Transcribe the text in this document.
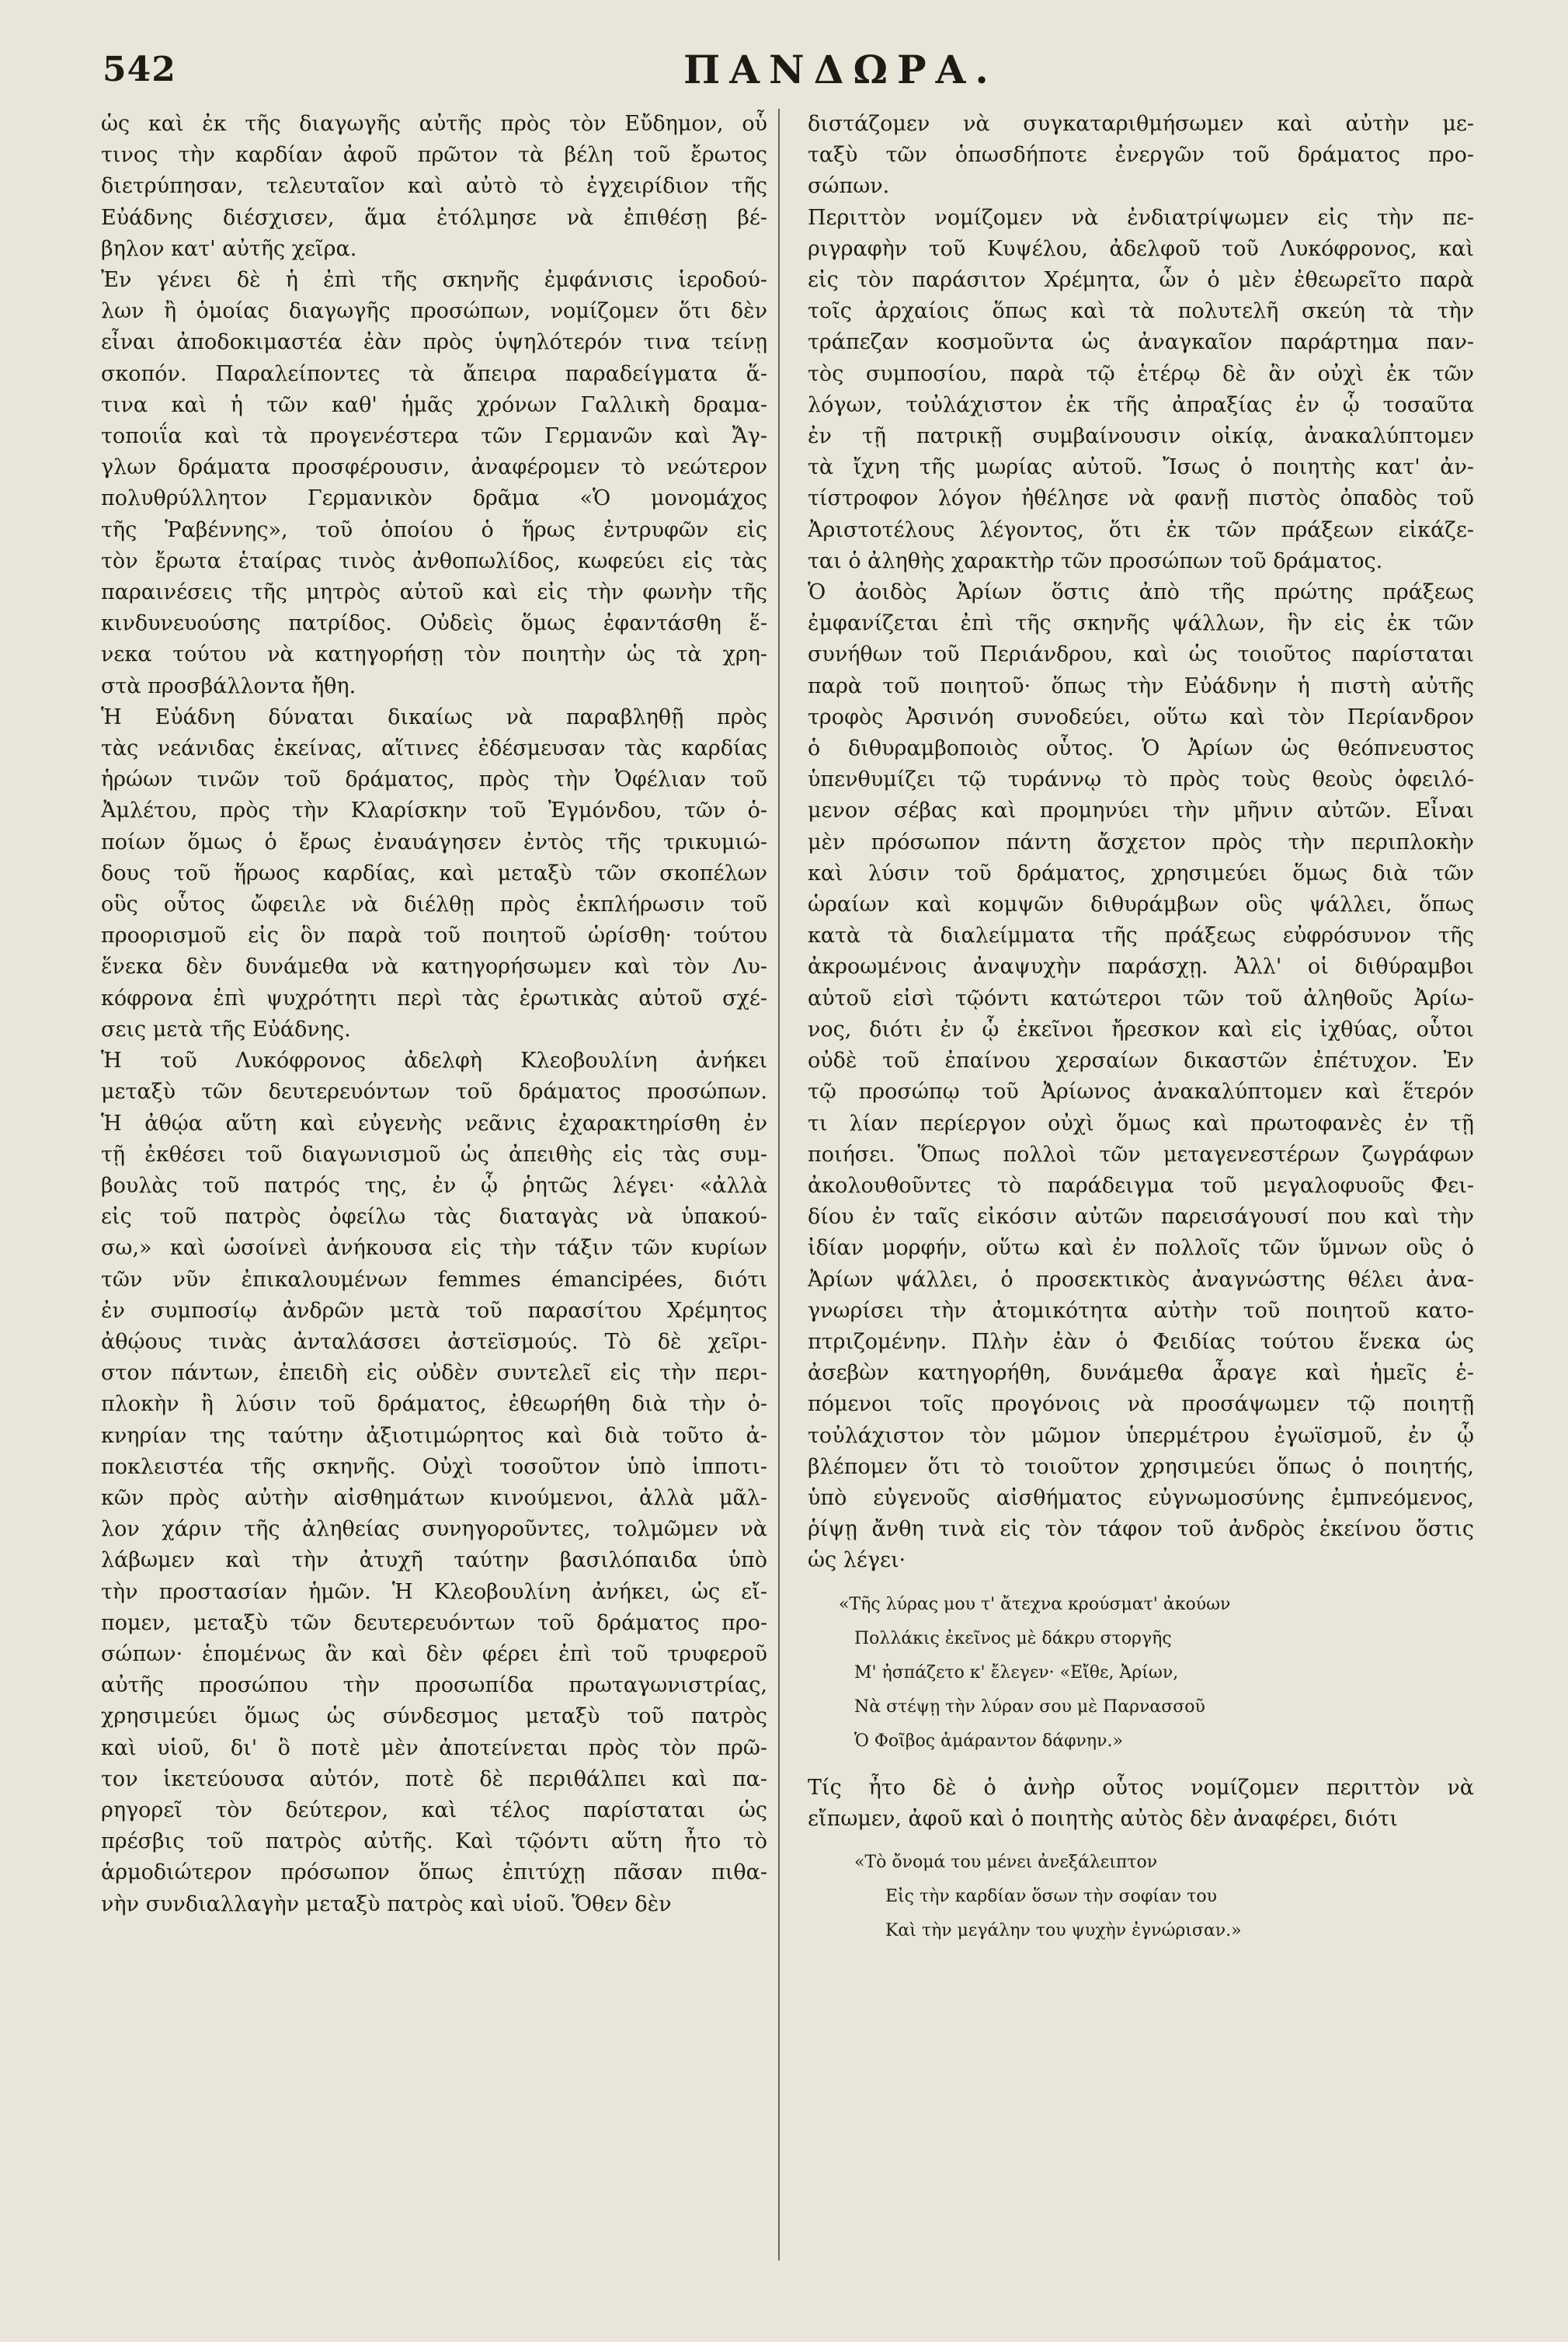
542	ΠΑΝΔΩΡΑ.

ὡς καὶ ἐκ τῆς διαγωγῆς αὐτῆς πρὸς τὸν Εὔδημον, οὗ
τινος τὴν καρδίαν ἀφοῦ πρῶτον τὰ βέλη τοῦ ἔρωτος
διετρύπησαν, τελευταῖον καὶ αὐτὸ τὸ ἐγχειρίδιον τῆς
Εὐάδνης διέσχισεν, ἅμα ἐτόλμησε νὰ ἐπιθέσῃ βέ-
βηλον κατ' αὐτῆς χεῖρα.

Ἐν γένει δὲ ἡ ἐπὶ τῆς σκηνῆς ἐμφάνισις ἱεροδού-
λων ἢ ὁμοίας διαγωγῆς προσώπων, νομίζομεν ὅτι δὲν
εἶναι ἀποδοκιμαστέα ἐὰν πρὸς ὑψηλότερόν τινα τείνῃ
σκοπόν. Παραλείποντες τὰ ἄπειρα παραδείγματα ἅ-
τινα καὶ ἡ τῶν καθ' ἡμᾶς χρόνων Γαλλικὴ δραμα-
τοποιΐα καὶ τὰ προγενέστερα τῶν Γερμανῶν καὶ Ἄγ-
γλων δράματα προσφέρουσιν, ἀναφέρομεν τὸ νεώτερον
πολυθρύλλητον Γερμανικὸν δρᾶμα «Ὁ μονομάχος
τῆς Ῥαβέννης», τοῦ ὁποίου ὁ ἥρως ἐντρυφῶν εἰς
τὸν ἔρωτα ἑταίρας τινὸς ἀνθοπωλίδος, κωφεύει εἰς τὰς
παραινέσεις τῆς μητρὸς αὐτοῦ καὶ εἰς τὴν φωνὴν τῆς
κινδυνευούσης πατρίδος. Οὐδεὶς ὅμως ἐφαντάσθη ἕ-
νεκα τούτου νὰ κατηγορήσῃ τὸν ποιητὴν ὡς τὰ χρη-
στὰ προσβάλλοντα ἤθη.

Ἡ Εὐάδνη δύναται δικαίως νὰ παραβληθῇ πρὸς
τὰς νεάνιδας ἐκείνας, αἵτινες ἐδέσμευσαν τὰς καρδίας
ἡρώων τινῶν τοῦ δράματος, πρὸς τὴν Ὀφέλιαν τοῦ
Ἀμλέτου, πρὸς τὴν Κλαρίσκην τοῦ Ἐγμόνδου, τῶν ὁ-
ποίων ὅμως ὁ ἔρως ἐναυάγησεν ἐντὸς τῆς τρικυμιώ-
δους τοῦ ἥρωος καρδίας, καὶ μεταξὺ τῶν σκοπέλων
οὓς οὗτος ὤφειλε νὰ διέλθῃ πρὸς ἐκπλήρωσιν τοῦ
προορισμοῦ εἰς ὃν παρὰ τοῦ ποιητοῦ ὡρίσθη· τούτου
ἕνεκα δὲν δυνάμεθα νὰ κατηγορήσωμεν καὶ τὸν Λυ-
κόφρονα ἐπὶ ψυχρότητι περὶ τὰς ἐρωτικὰς αὐτοῦ σχέ-
σεις μετὰ τῆς Εὐάδνης.

Ἡ τοῦ Λυκόφρονος ἀδελφὴ Κλεοβουλίνη ἀνήκει
μεταξὺ τῶν δευτερευόντων τοῦ δράματος προσώπων.
Ἡ ἀθῴα αὕτη καὶ εὐγενὴς νεᾶνις ἐχαρακτηρίσθη ἐν
τῇ ἐκθέσει τοῦ διαγωνισμοῦ ὡς ἀπειθὴς εἰς τὰς συμ-
βουλὰς τοῦ πατρός της, ἐν ᾧ ῥητῶς λέγει· «ἀλλὰ
εἰς τοῦ πατρὸς ὀφείλω τὰς διαταγὰς νὰ ὑπακού-
σω,» καὶ ὡσοίνεὶ ἀνήκουσα εἰς τὴν τάξιν τῶν κυρίων
τῶν νῦν ἐπικαλουμένων femmes émancipées, διότι
ἐν συμποσίῳ ἀνδρῶν μετὰ τοῦ παρασίτου Χρέμητος
ἀθῴους τινὰς ἀνταλάσσει ἀστεϊσμούς. Τὸ δὲ χεῖρι-
στον πάντων, ἐπειδὴ εἰς οὐδὲν συντελεῖ εἰς τὴν περι-
πλοκὴν ἢ λύσιν τοῦ δράματος, ἐθεωρήθη διὰ τὴν ὀ-
κνηρίαν της ταύτην ἀξιοτιμώρητος καὶ διὰ τοῦτο ἀ-
ποκλειστέα τῆς σκηνῆς. Οὐχὶ τοσοῦτον ὑπὸ ἱπποτι-
κῶν πρὸς αὐτὴν αἰσθημάτων κινούμενοι, ἀλλὰ μᾶλ-
λον χάριν τῆς ἀληθείας συνηγοροῦντες, τολμῶμεν νὰ
λάβωμεν καὶ τὴν ἀτυχῆ ταύτην βασιλόπαιδα ὑπὸ
τὴν προστασίαν ἡμῶν. Ἡ Κλεοβουλίνη ἀνήκει, ὡς εἴ-
πομεν, μεταξὺ τῶν δευτερευόντων τοῦ δράματος προ-
σώπων· ἑπομένως ἂν καὶ δὲν φέρει ἐπὶ τοῦ τρυφεροῦ
αὐτῆς προσώπου τὴν προσωπίδα πρωταγωνιστρίας,
χρησιμεύει ὅμως ὡς σύνδεσμος μεταξὺ τοῦ πατρὸς
καὶ υἱοῦ, δι' ὃ ποτὲ μὲν ἀποτείνεται πρὸς τὸν πρῶ-
τον ἱκετεύουσα αὐτόν, ποτὲ δὲ περιθάλπει καὶ πα-
ρηγορεῖ τὸν δεύτερον, καὶ τέλος παρίσταται ὡς
πρέσβις τοῦ πατρὸς αὐτῆς. Καὶ τῷόντι αὕτη ἦτο τὸ
ἁρμοδιώτερον πρόσωπον ὅπως ἐπιτύχῃ πᾶσαν πιθα-
νὴν συνδιαλλαγὴν μεταξὺ πατρὸς καὶ υἱοῦ. Ὅθεν δὲν

διστάζομεν νὰ συγκαταριθμήσωμεν καὶ αὐτὴν με-
ταξὺ τῶν ὁπωσδήποτε ἐνεργῶν τοῦ δράματος προ-
σώπων.

Περιττὸν νομίζομεν νὰ ἐνδιατρίψωμεν εἰς τὴν πε-
ριγραφὴν τοῦ Κυψέλου, ἀδελφοῦ τοῦ Λυκόφρονος, καὶ
εἰς τὸν παράσιτον Χρέμητα, ὧν ὁ μὲν ἐθεωρεῖτο παρὰ
τοῖς ἀρχαίοις ὅπως καὶ τὰ πολυτελῆ σκεύη τὰ τὴν
τράπεζαν κοσμοῦντα ὡς ἀναγκαῖον παράρτημα παν-
τὸς συμποσίου, παρὰ τῷ ἑτέρῳ δὲ ἂν οὐχὶ ἐκ τῶν
λόγων, τοὐλάχιστον ἐκ τῆς ἀπραξίας ἐν ᾧ τοσαῦτα
ἐν τῇ πατρικῇ συμβαίνουσιν οἰκίᾳ, ἀνακαλύπτομεν
τὰ ἴχνη τῆς μωρίας αὐτοῦ. Ἴσως ὁ ποιητὴς κατ' ἀν-
τίστροφον λόγον ἠθέλησε νὰ φανῇ πιστὸς ὀπαδὸς τοῦ
Ἀριστοτέλους λέγοντος, ὅτι ἐκ τῶν πράξεων εἰκάζε-
ται ὁ ἀληθὴς χαρακτὴρ τῶν προσώπων τοῦ δράματος.

Ὁ ἀοιδὸς Ἀρίων ὅστις ἀπὸ τῆς πρώτης πράξεως
ἐμφανίζεται ἐπὶ τῆς σκηνῆς ψάλλων, ἣν εἰς ἐκ τῶν
συνήθων τοῦ Περιάνδρου, καὶ ὡς τοιοῦτος παρίσταται
παρὰ τοῦ ποιητοῦ· ὅπως τὴν Εὐάδνην ἡ πιστὴ αὐτῆς
τροφὸς Ἀρσινόη συνοδεύει, οὕτω καὶ τὸν Περίανδρον
ὁ διθυραμβοποιὸς οὗτος. Ὁ Ἀρίων ὡς θεόπνευστος
ὑπενθυμίζει τῷ τυράννῳ τὸ πρὸς τοὺς θεοὺς ὀφειλό-
μενον σέβας καὶ προμηνύει τὴν μῆνιν αὐτῶν. Εἶναι
μὲν πρόσωπον πάντη ἄσχετον πρὸς τὴν περιπλοκὴν
καὶ λύσιν τοῦ δράματος, χρησιμεύει ὅμως διὰ τῶν
ὡραίων καὶ κομψῶν διθυράμβων οὓς ψάλλει, ὅπως
κατὰ τὰ διαλείμματα τῆς πράξεως εὐφρόσυνον τῆς
ἀκροωμένοις ἀναψυχὴν παράσχῃ. Ἀλλ' οἱ διθύραμβοι
αὐτοῦ εἰσὶ τῷόντι κατώτεροι τῶν τοῦ ἀληθοῦς Ἀρίω-
νος, διότι ἐν ᾧ ἐκεῖνοι ἤρεσκον καὶ εἰς ἰχθύας, οὗτοι
οὐδὲ τοῦ ἐπαίνου χερσαίων δικαστῶν ἐπέτυχον. Ἐν
τῷ προσώπῳ τοῦ Ἀρίωνος ἀνακαλύπτομεν καὶ ἕτερόν
τι λίαν περίεργον οὐχὶ ὅμως καὶ πρωτοφανὲς ἐν τῇ
ποιήσει. Ὅπως πολλοὶ τῶν μεταγενεστέρων ζωγράφων
ἀκολουθοῦντες τὸ παράδειγμα τοῦ μεγαλοφυοῦς Φει-
δίου ἐν ταῖς εἰκόσιν αὐτῶν παρεισάγουσί που καὶ τὴν
ἰδίαν μορφήν, οὕτω καὶ ἐν πολλοῖς τῶν ὕμνων οὓς ὁ
Ἀρίων ψάλλει, ὁ προσεκτικὸς ἀναγνώστης θέλει ἀνα-
γνωρίσει τὴν ἀτομικότητα αὐτὴν τοῦ ποιητοῦ κατο-
πτριζομένην. Πλὴν ἐὰν ὁ Φειδίας τούτου ἕνεκα ὡς
ἀσεβὼν κατηγορήθη, δυνάμεθα ἆραγε καὶ ἡμεῖς ἑ-
πόμενοι τοῖς προγόνοις νὰ προσάψωμεν τῷ ποιητῇ
τοὐλάχιστον τὸν μῶμον ὑπερμέτρου ἐγωϊσμοῦ, ἐν ᾧ
βλέπομεν ὅτι τὸ τοιοῦτον χρησιμεύει ὅπως ὁ ποιητής,
ὑπὸ εὐγενοῦς αἰσθήματος εὐγνωμοσύνης ἐμπνεόμενος,
ῥίψῃ ἄνθη τινὰ εἰς τὸν τάφον τοῦ ἀνδρὸς ἐκείνου ὅστις
ὡς λέγει·

«Τῆς λύρας μου τ' ἄτεχνα κρούσματ' ἀκούων
Πολλάκις ἐκεῖνος μὲ δάκρυ στοργῆς
Μ' ἠσπάζετο κ' ἔλεγεν· «Εἴθε, Ἀρίων,
Νὰ στέψῃ τὴν λύραν σου μὲ Παρνασσοῦ
Ὁ Φοῖβος ἀμάραντον δάφνην.»

Τίς ἦτο δὲ ὁ ἀνὴρ οὗτος νομίζομεν περιττὸν νὰ
εἴπωμεν, ἀφοῦ καὶ ὁ ποιητὴς αὐτὸς δὲν ἀναφέρει, διότι

«Τὸ ὄνομά του μένει ἀνεξάλειπτον
Εἰς τὴν καρδίαν ὅσων τὴν σοφίαν του
Καὶ τὴν μεγάλην του ψυχὴν ἐγνώρισαν.»
